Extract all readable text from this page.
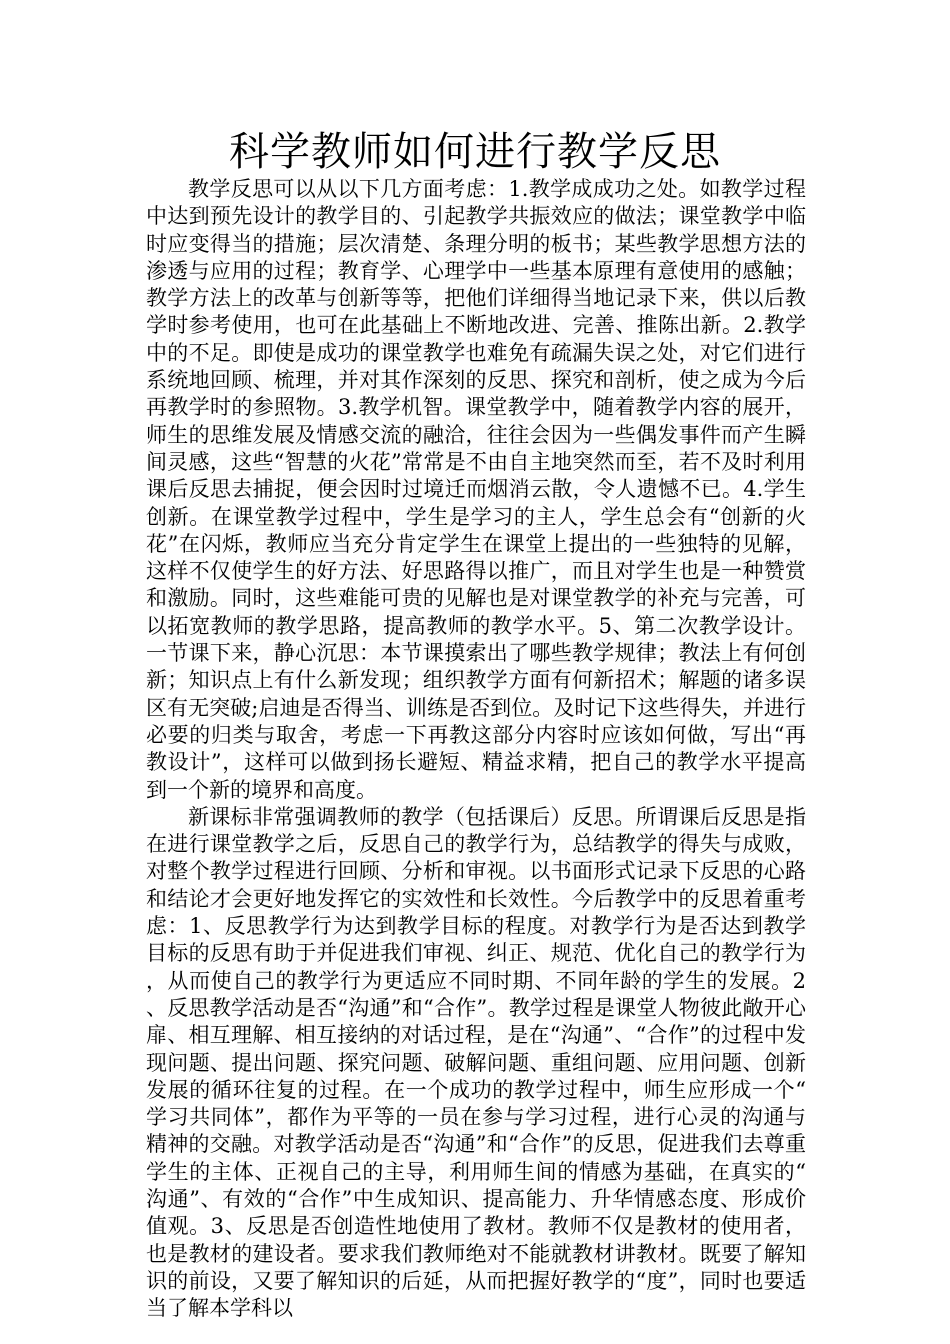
科学教师如何进行教学反思

教学反思可以从以下几方面考虑：1.教学成成功之处。如教学过程中达到预先设计的教学目的、引起教学共振效应的做法；课堂教学中临时应变得当的措施；层次清楚、条理分明的板书；某些教学思想方法的渗透与应用的过程；教育学、心理学中一些基本原理有意使用的感触；教学方法上的改革与创新等等，把他们详细得当地记录下来，供以后教学时参考使用，也可在此基础上不断地改进、完善、推陈出新。2.教学中的不足。即使是成功的课堂教学也难免有疏漏失误之处，对它们进行系统地回顾、梳理，并对其作深刻的反思、探究和剖析，使之成为今后再教学时的参照物。3.教学机智。课堂教学中，随着教学内容的展开，师生的思维发展及情感交流的融洽，往往会因为一些偶发事件而产生瞬间灵感，这些“智慧的火花”常常是不由自主地突然而至，若不及时利用课后反思去捕捉，便会因时过境迁而烟消云散，令人遗憾不已。4.学生创新。在课堂教学过程中，学生是学习的主人，学生总会有“创新的火花”在闪烁，教师应当充分肯定学生在课堂上提出的一些独特的见解，这样不仅使学生的好方法、好思路得以推广，而且对学生也是一种赞赏和激励。同时，这些难能可贵的见解也是对课堂教学的补充与完善，可以拓宽教师的教学思路，提高教师的教学水平。5、第二次教学设计。一节课下来，静心沉思：本节课摸索出了哪些教学规律；教法上有何创新；知识点上有什么新发现；组织教学方面有何新招术；解题的诸多误区有无突破;启迪是否得当、训练是否到位。及时记下这些得失，并进行必要的归类与取舍，考虑一下再教这部分内容时应该如何做，写出“再教设计”，这样可以做到扬长避短、精益求精，把自己的教学水平提高到一个新的境界和高度。

新课标非常强调教师的教学（包括课后）反思。所谓课后反思是指在进行课堂教学之后，反思自己的教学行为，总结教学的得失与成败，对整个教学过程进行回顾、分析和审视。以书面形式记录下反思的心路和结论才会更好地发挥它的实效性和长效性。今后教学中的反思着重考虑：1、反思教学行为达到教学目标的程度。对教学行为是否达到教学目标的反思有助于并促进我们审视、纠正、规范、优化自己的教学行为，从而使自己的教学行为更适应不同时期、不同年龄的学生的发展。2、反思教学活动是否“沟通”和“合作”。教学过程是课堂人物彼此敞开心扉、相互理解、相互接纳的对话过程，是在“沟通”、“合作”的过程中发现问题、提出问题、探究问题、破解问题、重组问题、应用问题、创新发展的循环往复的过程。在一个成功的教学过程中，师生应形成一个“学习共同体”，都作为平等的一员在参与学习过程，进行心灵的沟通与精神的交融。对教学活动是否“沟通”和“合作”的反思，促进我们去尊重学生的主体、正视自己的主导，利用师生间的情感为基础，在真实的“沟通”、有效的“合作”中生成知识、提高能力、升华情感态度、形成价值观。3、反思是否创造性地使用了教材。教师不仅是教材的使用者，也是教材的建设者。要求我们教师绝对不能就教材讲教材。既要了解知识的前设，又要了解知识的后延，从而把握好教学的“度”，同时也要适当了解本学科以
